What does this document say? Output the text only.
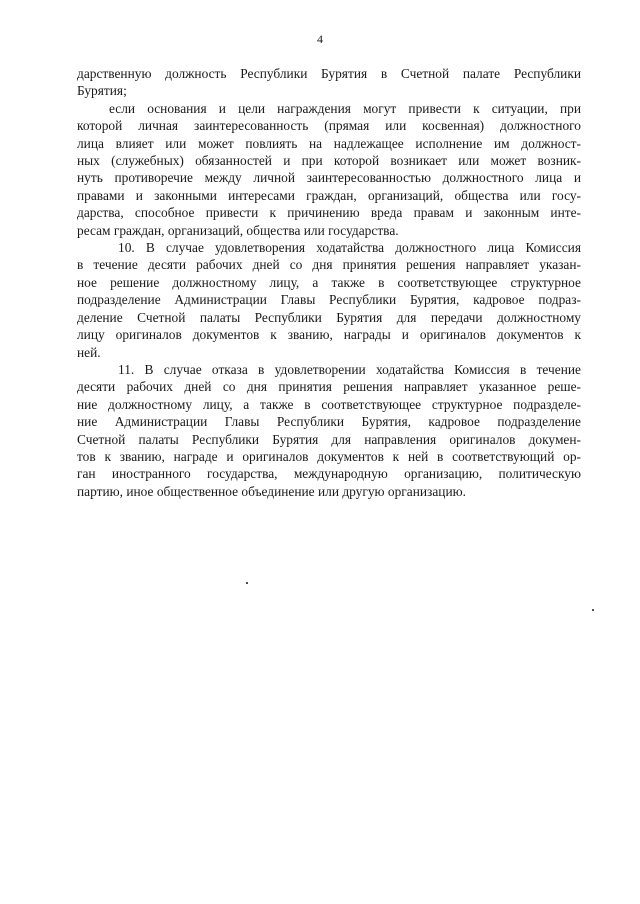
4
дарственную должность Республики Бурятия в Счетной палате Республики
Бурятия;
если основания и цели награждения могут привести к ситуации, при
которой личная заинтересованность (прямая или косвенная) должностного
лица влияет или может повлиять на надлежащее исполнение им должност-
ных (служебных) обязанностей и при которой возникает или может возник-
нуть противоречие между личной заинтересованностью должностного лица и
правами и законными интересами граждан, организаций, общества или госу-
дарства, способное привести к причинению вреда правам и законным инте-
ресам граждан, организаций, общества или государства.
10. В случае удовлетворения ходатайства должностного лица Комиссия
в течение десяти рабочих дней со дня принятия решения направляет указан-
ное решение должностному лицу, а также в соответствующее структурное
подразделение Администрации Главы Республики Бурятия, кадровое подраз-
деление Счетной палаты Республики Бурятия для передачи должностному
лицу оригиналов документов к званию, награды и оригиналов документов к
ней.
11. В случае отказа в удовлетворении ходатайства Комиссия в течение
десяти рабочих дней со дня принятия решения направляет указанное реше-
ние должностному лицу, а также в соответствующее структурное подразделе-
ние Администрации Главы Республики Бурятия, кадровое подразделение
Счетной палаты Республики Бурятия для направления оригиналов докумен-
тов к званию, награде и оригиналов документов к ней в соответствующий ор-
ган иностранного государства, международную организацию, политическую
партию, иное общественное объединение или другую организацию.
